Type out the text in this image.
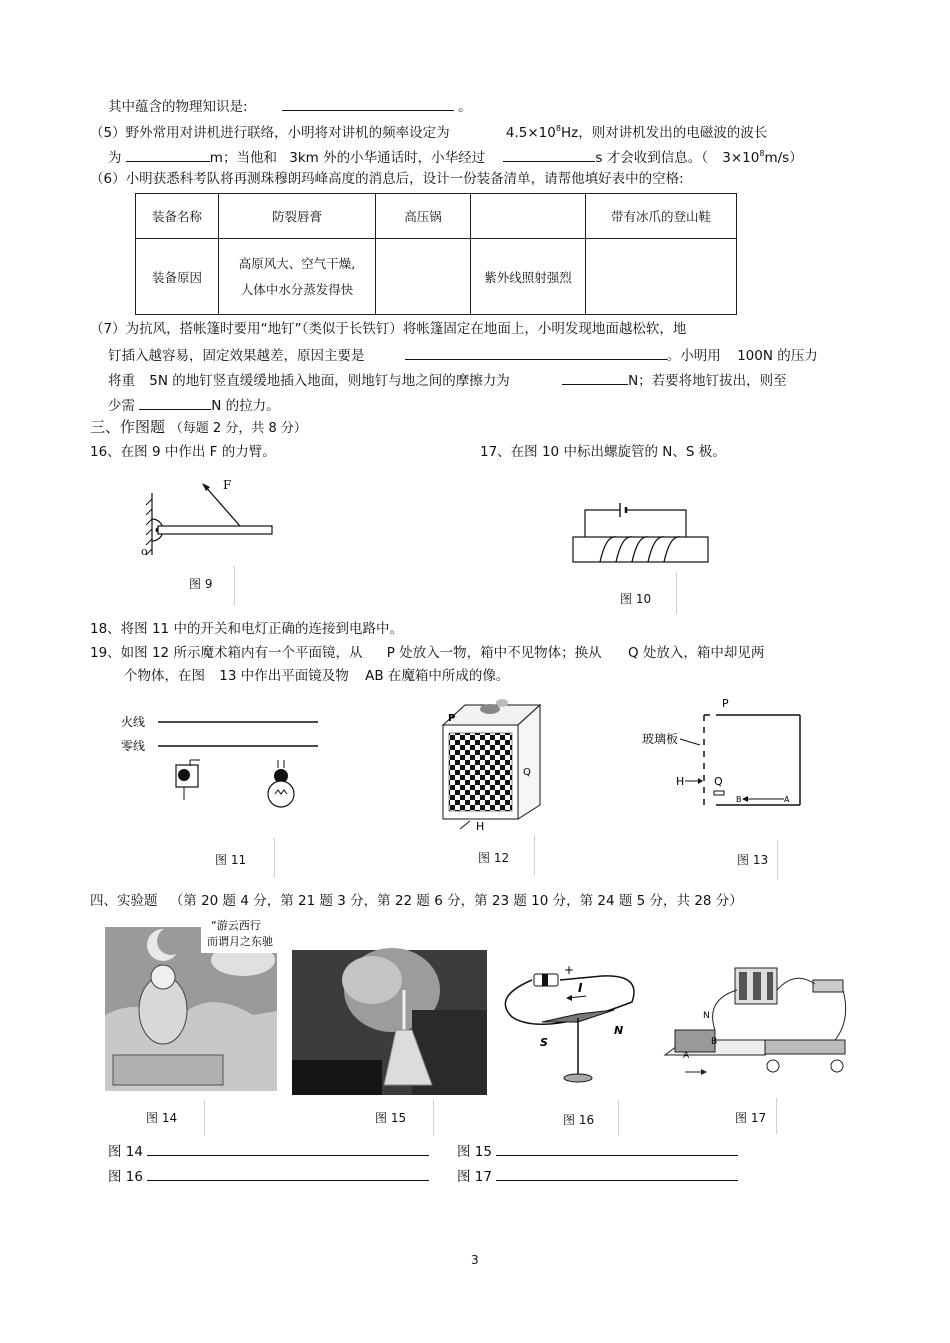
其中蕴含的物理知识是:	。
（5）野外常用对讲机进行联络，小明将对讲机的频率设定为	$4.5\times 10^8Hz$，则对讲机发出的电磁波的波长
为	m；当他和 3km 外的小华通话时，小华经过	s 才会收到信息。（ $3\times 10^8m/s$）
（6）小明获悉科考队将再测珠穆朗玛峰高度的消息后，设计一份装备清单，请帮他填好表中的空格:
装备名称	防裂唇膏	高压锅		带有冰爪的登山鞋
装备原因	高原风大、空气干燥,
人体中水分蒸发得快		紫外线照射强烈	
（7）为抗风，搭帐篷时要用“地钉”（类似于长铁钉）将帐篷固定在地面上，小明发现地面越松软，地
钉插入越容易，固定效果越差，原因主要是	。小明用 100N 的压力
将重 5N 的地钉竖直缓缓地插入地面，则地钉与地之间的摩擦力为	N；若要将地钉拔出，则至
少需	N 的拉力。
三、作图题 （每题 2 分，共 8 分）
16、在图 9 中作出 F 的力臂。	17、在图 10 中标出螺旋管的 N、S 极。
F
o
图 9
图 10
18、将图 11 中的开关和电灯正确的连接到电路中。
19、如图 12 所示魔术箱内有一个平面镜，从 P 处放入一物，箱中不见物体；换从 Q 处放入，箱中却见两
个物体，在图 13 中作出平面镜及物 AB 在魔箱中所成的像。
火线
零线
图 11
P
Q
H
图 12
P
玻璃板
H	Q
B	A
图 13
四、实验题 （第 20 题 4 分，第 21 题 3 分，第 22 题 6 分，第 23 题 10 分，第 24 题 5 分，共 28 分）
“游云西行
而谓月之东驰
图 14	图 15
+
I
S
N
图 16
N
B
A
图 17
图 14	图 15
图 16	图 17
3
